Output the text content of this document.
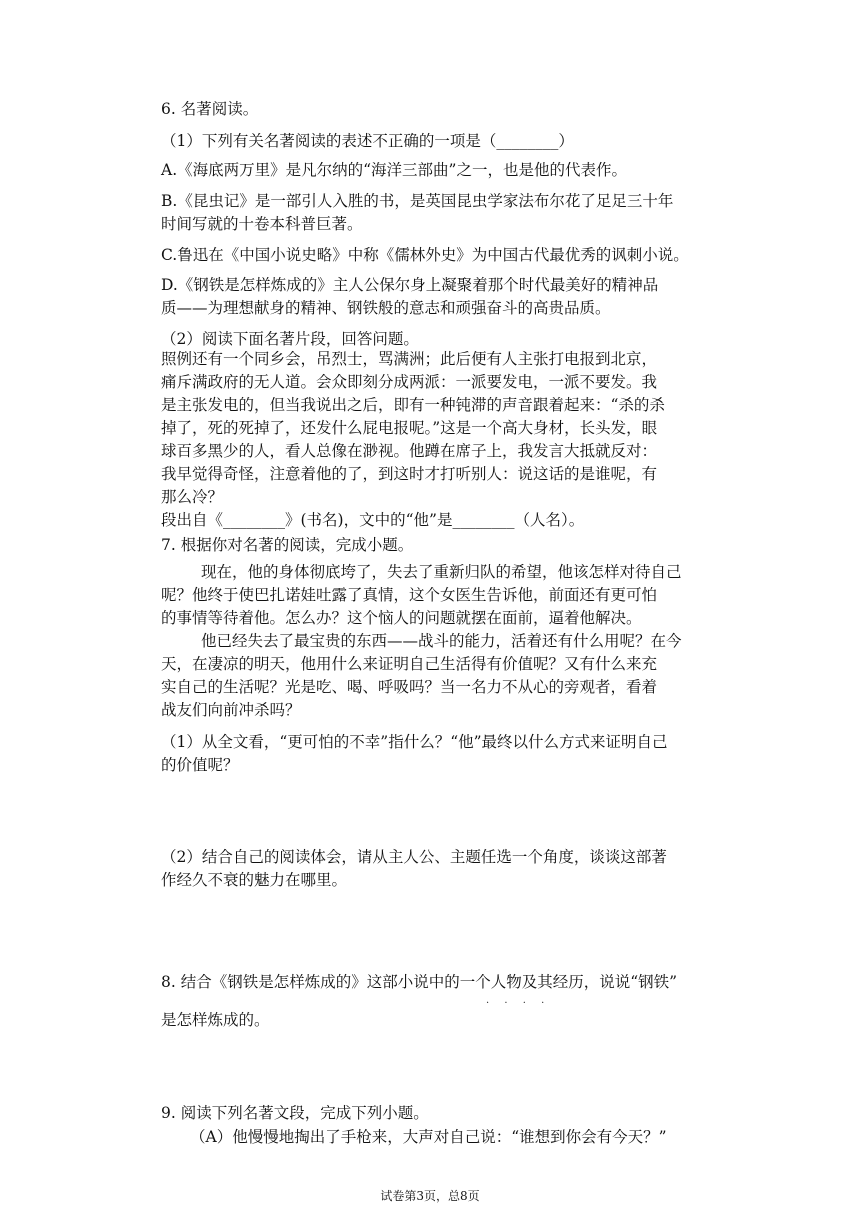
6. 名著阅读。
（1）下列有关名著阅读的表述不正确的一项是（________）
A.《海底两万里》是凡尔纳的“海洋三部曲”之一，也是他的代表作。
B.《昆虫记》是一部引人入胜的书，是英国昆虫学家法布尔花了足足三十年
时间写就的十卷本科普巨著。
C.鲁迅在《中国小说史略》中称《儒林外史》为中国古代最优秀的讽刺小说。
D.《钢铁是怎样炼成的》主人公保尔身上凝聚着那个时代最美好的精神品
质——为理想献身的精神、钢铁般的意志和顽强奋斗的高贵品质。
（2）阅读下面名著片段，回答问题。
照例还有一个同乡会，吊烈士，骂满洲；此后便有人主张打电报到北京，
痛斥满政府的无人道。会众即刻分成两派：一派要发电，一派不要发。我
是主张发电的，但当我说出之后，即有一种钝滞的声音跟着起来：“杀的杀
掉了，死的死掉了，还发什么屁电报呢。”这是一个高大身材，长头发，眼
球百多黑少的人，看人总像在渺视。他蹲在席子上，我发言大抵就反对：
我早觉得奇怪，注意着他的了，到这时才打听别人：说这话的是谁呢，有
那么冷？
段出自《________》(书名)，文中的“他”是________（人名）。
7. 根据你对名著的阅读，完成小题。
现在，他的身体彻底垮了，失去了重新归队的希望，他该怎样对待自己
呢？他终于使巴扎诺娃吐露了真情，这个女医生告诉他，前面还有更可怕
的事情等待着他。怎么办？这个恼人的问题就摆在面前，逼着他解决。
他已经失去了最宝贵的东西——战斗的能力，活着还有什么用呢？在今
天，在凄凉的明天，他用什么来证明自己生活得有价值呢？又有什么来充
实自己的生活呢？光是吃、喝、呼吸吗？当一名力不从心的旁观者，看着
战友们向前冲杀吗？
（1）从全文看，“更可怕的不幸”指什么？“他”最终以什么方式来证明自己
的价值呢？
（2）结合自己的阅读体会，请从主人公、主题任选一个角度，谈谈这部著
作经久不衰的魅力在哪里。
8. 结合《钢铁是怎样炼成的》这部小说中的一个人物及其经历，说说“钢铁”
· · · ·
是怎样炼成的。
9. 阅读下列名著文段，完成下列小题。
（A）他慢慢地掏出了手枪来，大声对自己说：“谁想到你会有今天？”
试卷第3页，总8页
